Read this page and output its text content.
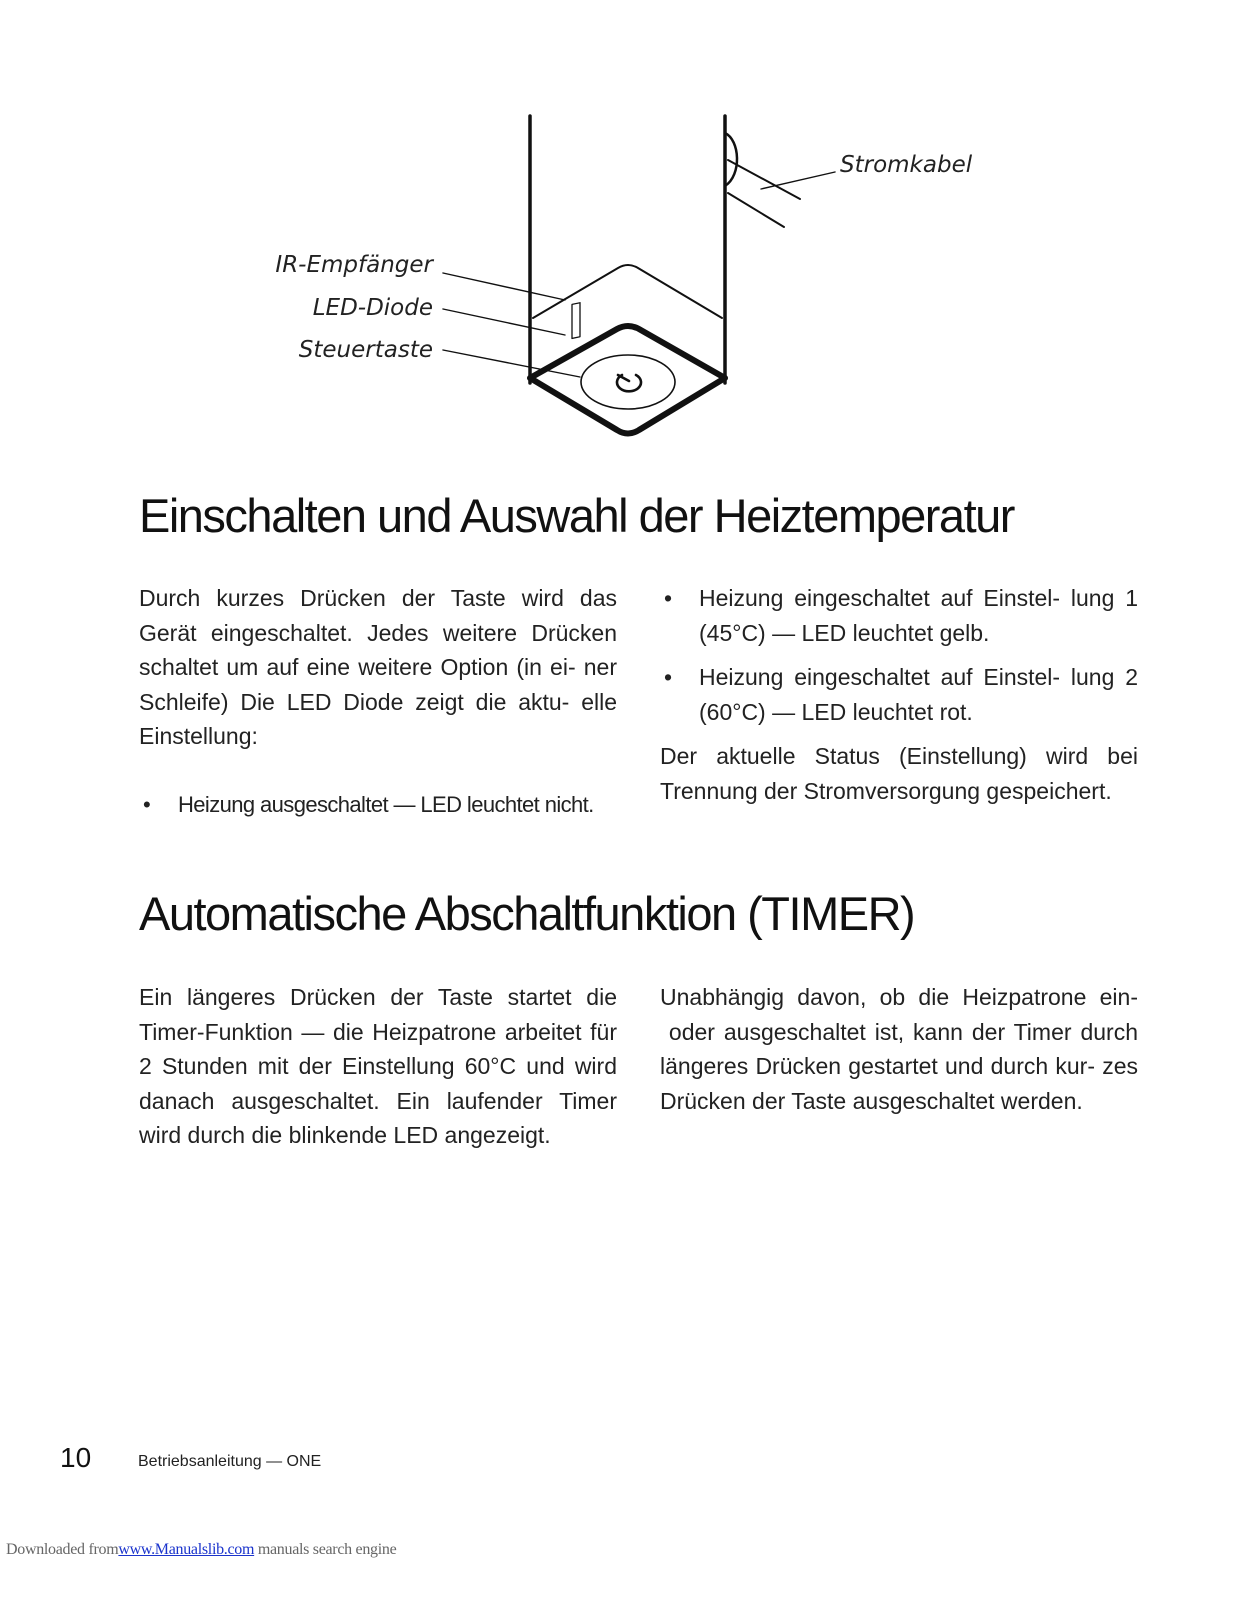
Stromkabel
IR-Empfänger
LED-Diode
Steuertaste
Einschalten und Auswahl der Heiztemperatur

Durch kurzes Drücken der Taste wird das Gerät eingeschaltet. Jedes weitere Drücken schaltet um auf eine weitere Option (in ei- ner Schleife) Die LED Diode zeigt die aktu- elle Einstellung:

• Heizung ausgeschaltet — LED leuchtet nicht.
• Heizung eingeschaltet auf Einstel- lung 1 (45°C) — LED leuchtet gelb.
• Heizung eingeschaltet auf Einstel- lung 2 (60°C) — LED leuchtet rot.

Der aktuelle Status (Einstellung) wird bei Trennung der Stromversorgung gespeichert.

Automatische Abschaltfunktion (TIMER)

Ein längeres Drücken der Taste startet die Timer-Funktion — die Heizpatrone arbeitet für 2 Stunden mit der Einstellung 60°C und wird danach ausgeschaltet. Ein laufender Timer wird durch die blinkende LED angezeigt.

Unabhängig davon, ob die Heizpatrone ein- oder ausgeschaltet ist, kann der Timer durch längeres Drücken gestartet und durch kur- zes Drücken der Taste ausgeschaltet werden.

10	Betriebsanleitung — ONE
Downloaded fromwww.Manualslib.com manuals search engine
